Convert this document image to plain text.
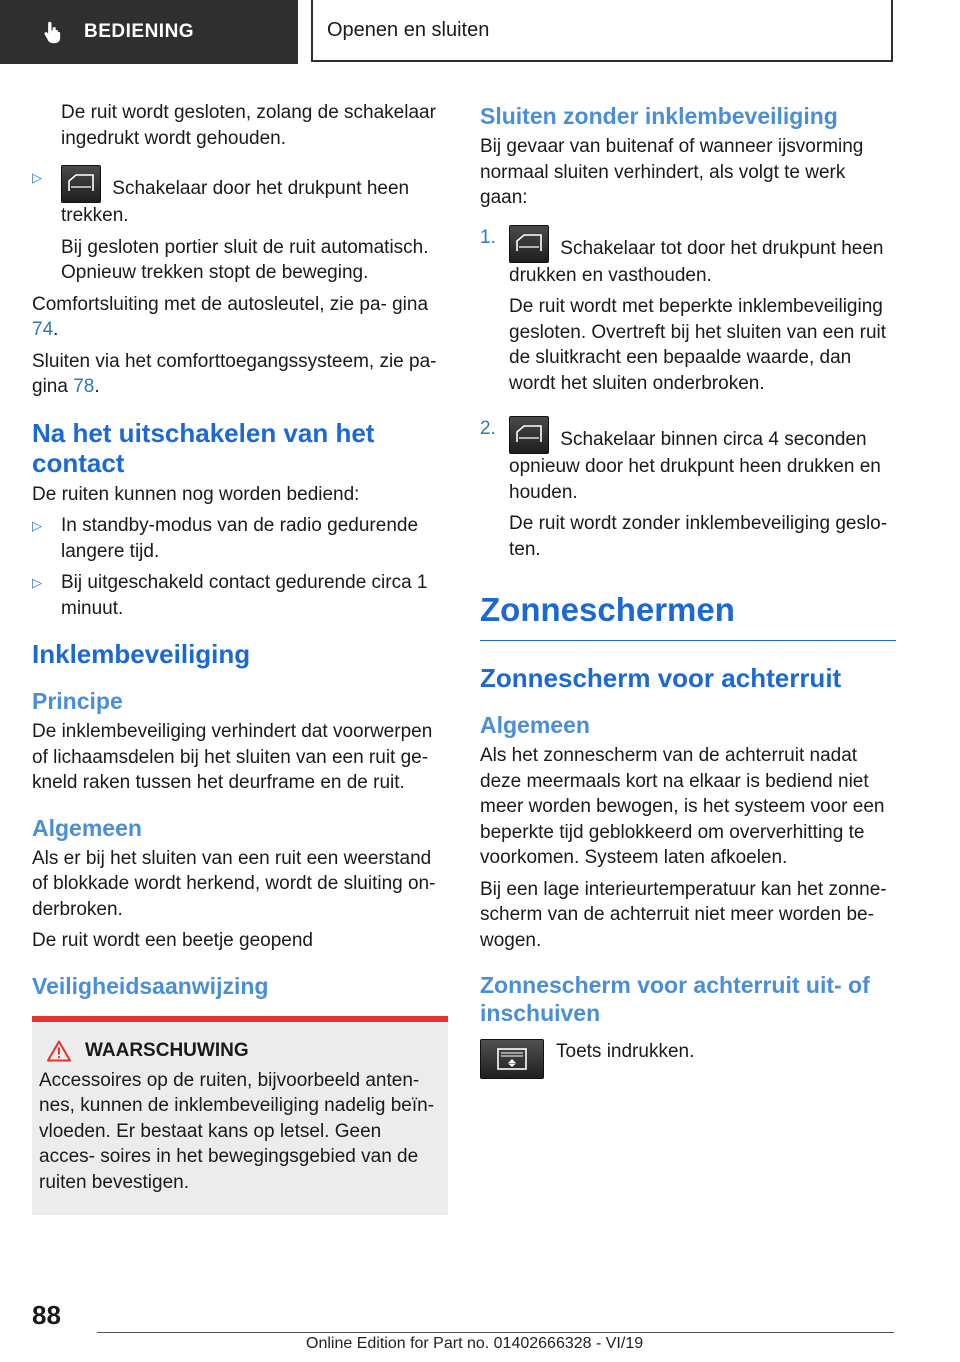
BEDIENING	Openen en sluiten

De ruit wordt gesloten, zolang de schakelaar ingedrukt wordt gehouden.

▷
Schakelaar door het drukpunt heen trekken.

Bij gesloten portier sluit de ruit automatisch. Opnieuw trekken stopt de beweging.

Comfortsluiting met de autosleutel, zie pa- gina 74.

Sluiten via het comforttoegangssysteem, zie pa- gina 78.

Na het uitschakelen van het contact

De ruiten kunnen nog worden bediend:

▷	In standby-modus van de radio gedurende langere tijd.
▷	Bij uitgeschakeld contact gedurende circa 1 minuut.
Inklembeveiliging
Principe

De inklembeveiliging verhindert dat voorwerpen of lichaamsdelen bij het sluiten van een ruit ge- kneld raken tussen het deurframe en de ruit.

Algemeen

Als er bij het sluiten van een ruit een weerstand of blokkade wordt herkend, wordt de sluiting on- derbroken.

De ruit wordt een beetje geopend

Veiligheidsaanwijzing
WAARSCHUWING

Accessoires op de ruiten, bijvoorbeeld anten- nes, kunnen de inklembeveiliging nadelig beïn- vloeden. Er bestaat kans op letsel. Geen acces- soires in het bewegingsgebied van de ruiten bevestigen.

Sluiten zonder inklembeveiliging

Bij gevaar van buitenaf of wanneer ijsvorming normaal sluiten verhindert, als volgt te werk gaan:

1.

Schakelaar tot door het drukpunt heen drukken en vasthouden.

De ruit wordt met beperkte inklembeveiliging gesloten. Overtreft bij het sluiten van een ruit de sluitkracht een bepaalde waarde, dan wordt het sluiten onderbroken.

2.

Schakelaar binnen circa 4 seconden opnieuw door het drukpunt heen drukken en houden.

De ruit wordt zonder inklembeveiliging geslo- ten.

Zonneschermen
Zonnescherm voor achterruit
Algemeen

Als het zonnescherm van de achterruit nadat deze meermaals kort na elkaar is bediend niet meer worden bewogen, is het systeem voor een beperkte tijd geblokkeerd om oververhitting te voorkomen. Systeem laten afkoelen.

Bij een lage interieurtemperatuur kan het zonne- scherm van de achterruit niet meer worden be- wogen.

Zonnescherm voor achterruit uit- of inschuiven

Toets indrukken.

88
Online Edition for Part no. 01402666328 - VI/19
